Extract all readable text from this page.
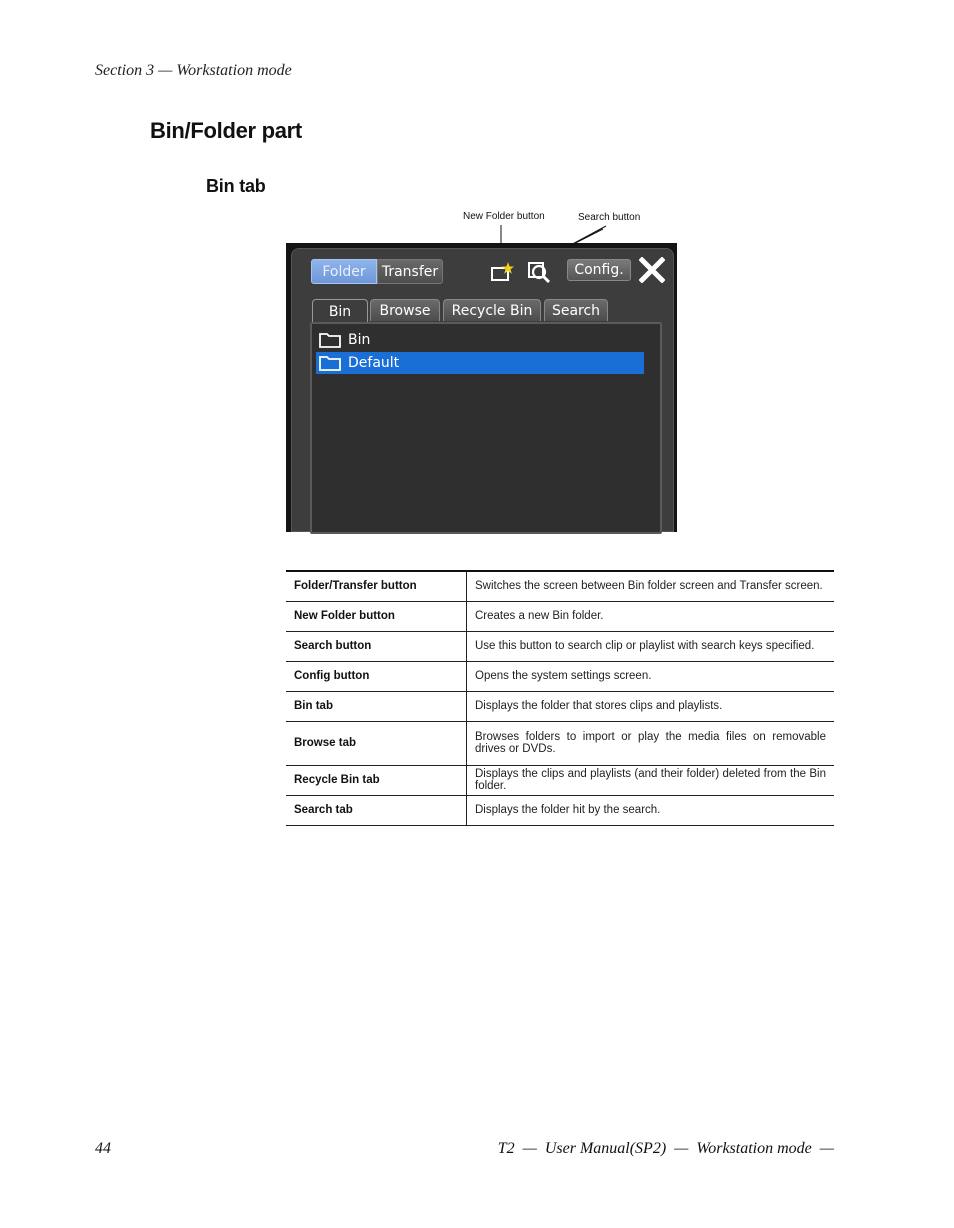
Section 3 — Workstation mode
Bin/Folder part
Bin tab
New Folder button	Search button
Folder	Transfer	Config.
Bin	Browse	Recycle Bin	Search
Bin
Default
Folder/Transfer button	Switches the screen between Bin folder screen and Transfer screen.
New Folder button	Creates a new Bin folder.
Search button	Use this button to search clip or playlist with search keys specified.
Config button	Opens the system settings screen.
Bin tab	Displays the folder that stores clips and playlists.
Browse tab	Browses folders to import or play the media files on removable drives or DVDs.
Recycle Bin tab	Displays the clips and playlists (and their folder) deleted from the Bin folder.
Search tab	Displays the folder hit by the search.
44	T2  —  User Manual(SP2)  —  Workstation mode  —
